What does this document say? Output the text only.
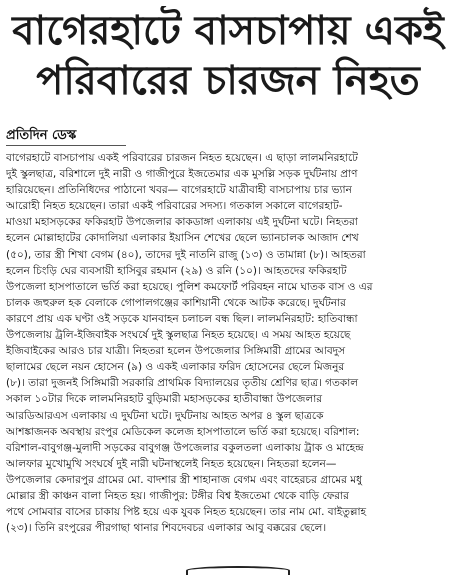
বাগেরহাটে বাসচাপায় একই
পরিবারের চারজন নিহত
প্রতিদিন ডেস্ক
বাগেরহাটে বাসচাপায় একই পরিবারের চারজন নিহত হয়েছেন। এ ছাড়া লালমনিরহাটে
দুই স্কুলছাত্র, বরিশালে দুই নারী ও গাজীপুরে ইজতেমার এক মুসল্লি সড়ক দুর্ঘটনায় প্রাণ
হারিয়েছেন। প্রতিনিধিদের পাঠানো খবর— বাগেরহাটে যাত্রীবাহী বাসচাপায় চার ভ্যান
আরোহী নিহত হয়েছেন। তারা একই পরিবারের সদস্য। গতকাল সকালে বাগেরহাট-
মাওয়া মহাসড়কের ফকিরহাট উপজেলার কাকডাঙ্গা এলাকায় এই দুর্ঘটনা ঘটে। নিহতরা
হলেন মোল্লাহাটের কোদালিয়া এলাকার ইয়াসিন শেখের ছেলে ভ্যানচালক আজাদ শেখ
(৫০), তার স্ত্রী শিখা বেগম (৪০), তাদের দুই নাতনি রাজু (১৩) ও তামান্না (৮)। আহতরা
হলেন চিংড়ি ঘের ব্যবসায়ী হাসিবুর রহমান (২৯) ও রনি (১০)। আহতদের ফকিরহাট
উপজেলা হাসপাতালে ভর্তি করা হয়েছে। পুলিশ কমফোর্ট পরিবহন নামে ঘাতক বাস ও এর
চালক জহুরুল হক বেলাকে গোপালগঞ্জের কাশিয়ানী থেকে আটক করেছে। দুর্ঘটনার
কারণে প্রায় এক ঘণ্টা ওই সড়কে যানবাহন চলাচল বন্ধ ছিল। লালমনিরহাট: হাতিবান্ধা
উপজেলায় ট্রলি-ইজিবাইক সংঘর্ষে দুই স্কুলছাত্র নিহত হয়েছে। এ সময় আহত হয়েছে
ইজিবাইকের আরও চার যাত্রী। নিহতরা হলেন উপজেলার সিঙ্গিমারী গ্রামের আবদুস
ছালামের ছেলে নয়ন হোসেন (৯) ও একই এলাকার ফরিদ হোসেনের ছেলে মিজনুর
(৮)। তারা দুজনই সিঙ্গিমারী সরকারি প্রাথমিক বিদ্যালয়ের তৃতীয় শ্রেণির ছাত্র। গতকাল
সকাল ১০টার দিকে লালমনিরহাট বুড়িমারী মহাসড়কের হাতীবান্ধা উপজেলার
আরডিআরএস এলাকায় এ দুর্ঘটনা ঘটে। দুর্ঘটনায় আহত অপর ৪ স্কুল ছাত্রকে
আশঙ্কাজনক অবস্থায় রংপুর মেডিকেল কলেজ হাসপাতালে ভর্তি করা হয়েছে। বরিশাল:
বরিশাল-বাবুগঞ্জ-মুলাদী সড়কের বাবুগঞ্জ উপজেলার বকুলতলা এলাকায় ট্রাক ও মাহেন্দ্র
আলফার মুখোমুখি সংঘর্ষে দুই নারী ঘটনাস্থলেই নিহত হয়েছেন। নিহতরা হলেন—
উপজেলার কেদারপুর গ্রামের মো. বাদশার স্ত্রী শাহানাজ বেগম এবং বাহেরচর গ্রামের মধু
মোল্লার স্ত্রী কাঞ্চন বালা নিহত হয়। গাজীপুর: টঙ্গীর বিশ্ব ইজতেমা থেকে বাড়ি ফেরার
পথে সোমবার বাসের চাকায় পিষ্ট হয়ে এক যুবক নিহত হয়েছেন। তার নাম মো. বাইতুল্লাহ
(২৩)। তিনি রংপুরের পীরগাছা থানার শিবদেবচর এলাকার আবু বক্করের ছেলে।
